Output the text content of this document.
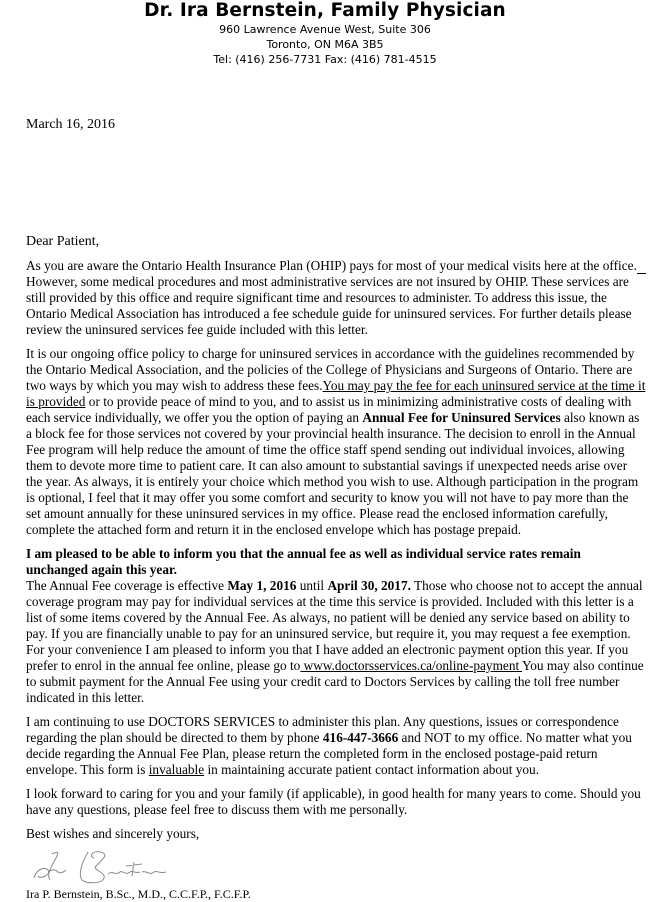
Dr. Ira Bernstein, Family Physician
960 Lawrence Avenue West, Suite 306
Toronto, ON M6A 3B5
Tel: (416) 256-7731 Fax: (416) 781-4515
March 16, 2016

Dear Patient,

As you are aware the Ontario Health Insurance Plan (OHIP) pays for most of your medical visits here at the office. However, some medical procedures and most administrative services are not insured by OHIP. These services are still provided by this office and require significant time and resources to administer. To address this issue, the Ontario Medical Association has introduced a fee schedule guide for uninsured services. For further details please review the uninsured services fee guide included with this letter.

It is our ongoing office policy to charge for uninsured services in accordance with the guidelines recommended by the Ontario Medical Association, and the policies of the College of Physicians and Surgeons of Ontario. There are two ways by which you may wish to address these fees.You may pay the fee for each uninsured service at the time it is provided or to provide peace of mind to you, and to assist us in minimizing administrative costs of dealing with each service individually, we offer you the option of paying an Annual Fee for Uninsured Services also known as a block fee for those services not covered by your provincial health insurance. The decision to enroll in the Annual Fee program will help reduce the amount of time the office staff spend sending out individual invoices, allowing them to devote more time to patient care. It can also amount to substantial savings if unexpected needs arise over the year. As always, it is entirely your choice which method you wish to use. Although participation in the program is optional, I feel that it may offer you some comfort and security to know you will not have to pay more than the set amount annually for these uninsured services in my office. Please read the enclosed information carefully, complete the attached form and return it in the enclosed envelope which has postage prepaid.

I am pleased to be able to inform you that the annual fee as well as individual service rates remain unchanged again this year.

The Annual Fee coverage is effective May 1, 2016 until April 30, 2017. Those who choose not to accept the annual coverage program may pay for individual services at the time this service is provided. Included with this letter is a list of some items covered by the Annual Fee. As always, no patient will be denied any service based on ability to pay. If you are financially unable to pay for an uninsured service, but require it, you may request a fee exemption.

For your convenience I am pleased to inform you that I have added an electronic payment option this year. If you prefer to enrol in the annual fee online, please go to www.doctorsservices.ca/online-payment You may also continue to submit payment for the Annual Fee using your credit card to Doctors Services by calling the toll free number indicated in this letter.

I am continuing to use DOCTORS SERVICES to administer this plan. Any questions, issues or correspondence regarding the plan should be directed to them by phone 416-447-3666 and NOT to my office. No matter what you decide regarding the Annual Fee Plan, please return the completed form in the enclosed postage-paid return envelope. This form is invaluable in maintaining accurate patient contact information about you.

I look forward to caring for you and your family (if applicable), in good health for many years to come. Should you have any questions, please feel free to discuss them with me personally.

Best wishes and sincerely yours,

Ira P. Bernstein, B.Sc., M.D., C.C.F.P., F.C.F.P.
